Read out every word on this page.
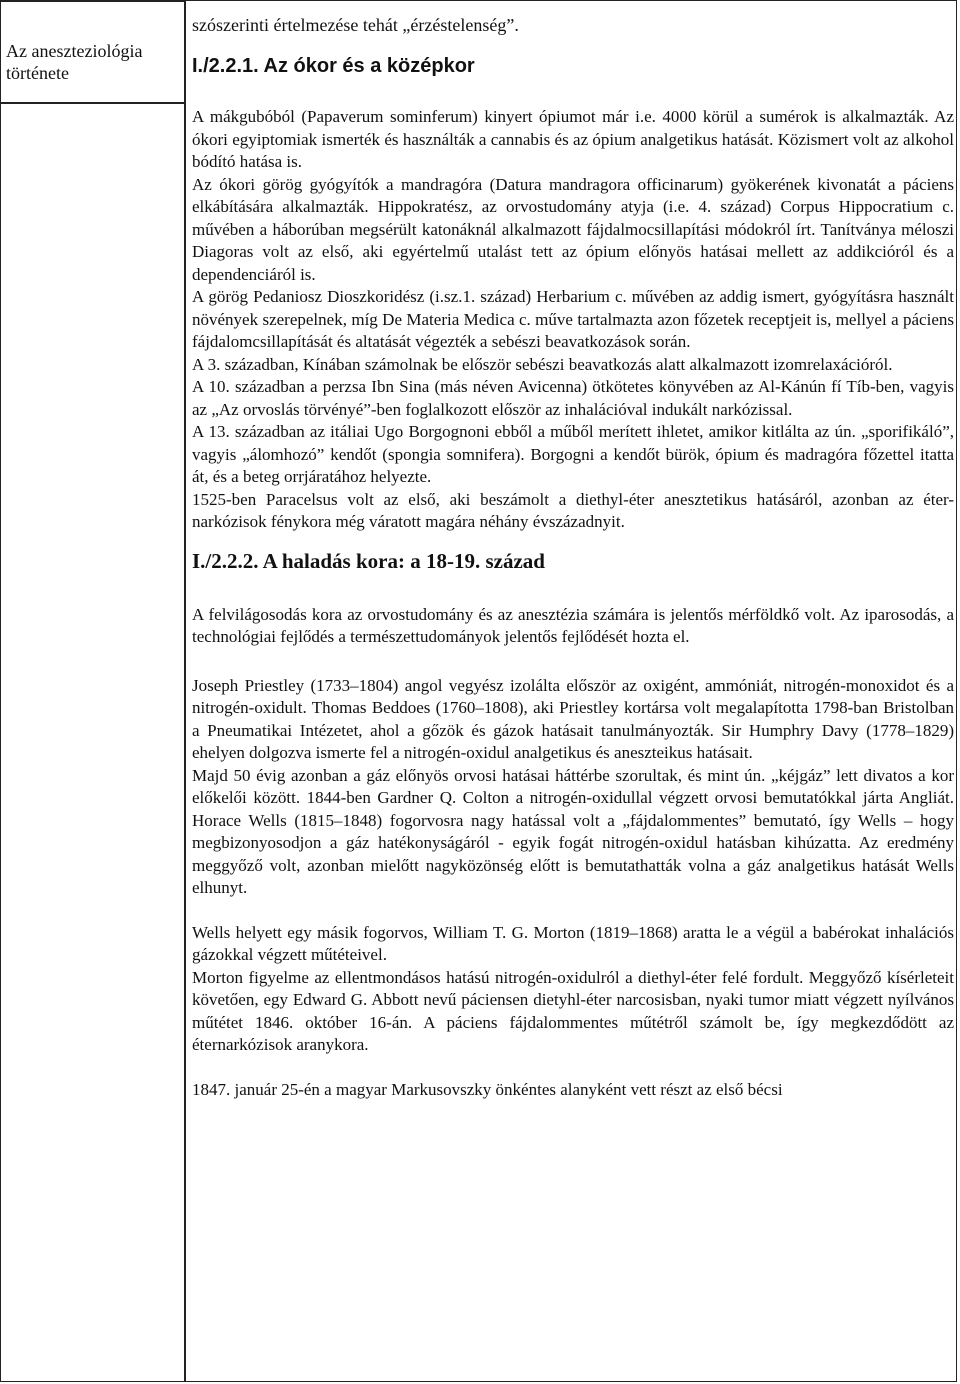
Az aneszteziológia története

szószerinti értelmezése tehát „érzéstelenség”.

I./2.2.1. Az ókor és a középkor

A mákgubóból (Papaverum sominferum) kinyert ópiumot már i.e. 4000 körül a sumérok is alkalmazták. Az ókori egyiptomiak ismerték és használták a cannabis és az ópium analgetikus hatását. Közismert volt az alkohol bódító hatása is.

Az ókori görög gyógyítók a mandragóra (Datura mandragora officinarum) gyökerének kivonatát a páciens elkábítására alkalmazták. Hippokratész, az orvostudomány atyja (i.e. 4. század) Corpus Hippocratium c. művében a háborúban megsérült katonáknál alkalmazott fájdalmocsillapítási módokról írt. Tanítványa méloszi Diagoras volt az első, aki egyértelmű utalást tett az ópium előnyös hatásai mellett az addikcióról és a dependenciáról is.

A görög Pedaniosz Dioszkoridész (i.sz.1. század) Herbarium c. művében az addig ismert, gyógyításra használt növények szerepelnek, míg De Materia Medica c. műve tartalmazta azon főzetek receptjeit is, mellyel a páciens fájdalomcsillapítását és altatását végezték a sebészi beavatkozások során.

A 3. században, Kínában számolnak be először sebészi beavatkozás alatt alkalmazott izomrelaxációról.

A 10. században a perzsa Ibn Sina (más néven Avicenna) ötkötetes könyvében az Al-Kánún fí Tíb-ben, vagyis az „Az orvoslás törvényé”-ben foglalkozott először az inhalációval indukált narkózissal.

A 13. században az itáliai Ugo Borgognoni ebből a műből merített ihletet, amikor kitlálta az ún. „sporifikáló”, vagyis „álomhozó” kendőt (spongia somnifera). Borgogni a kendőt bürök, ópium és madragóra főzettel itatta át, és a beteg orrjáratához helyezte.

1525-ben Paracelsus volt az első, aki beszámolt a diethyl-éter anesztetikus hatásáról, azonban az éter-narkózisok fénykora még váratott magára néhány évszázadnyit.

I./2.2.2. A haladás kora: a 18-19. század

A felvilágosodás kora az orvostudomány és az anesztézia számára is jelentős mérföldkő volt. Az iparosodás, a technológiai fejlődés a természettudományok jelentős fejlődését hozta el.

Joseph Priestley (1733–1804) angol vegyész izolálta először az oxigént, ammóniát, nitrogén-monoxidot és a nitrogén-oxidult. Thomas Beddoes (1760–1808), aki Priestley kortársa volt megalapította 1798-ban Bristolban a Pneumatikai Intézetet, ahol a gőzök és gázok hatásait tanulmányozták. Sir Humphry Davy (1778–1829) ehelyen dolgozva ismerte fel a nitrogén-oxidul analgetikus és aneszteikus hatásait.

Majd 50 évig azonban a gáz előnyös orvosi hatásai háttérbe szorultak, és mint ún. „kéjgáz” lett divatos a kor előkelői között. 1844-ben Gardner Q. Colton a nitrogén-oxidullal végzett orvosi bemutatókkal járta Angliát. Horace Wells (1815–1848) fogorvosra nagy hatással volt a „fájdalommentes” bemutató, így Wells – hogy megbizonyosodjon a gáz hatékonyságáról - egyik fogát nitrogén-oxidul hatásban kihúzatta. Az eredmény meggyőző volt, azonban mielőtt nagyközönség előtt is bemutathatták volna a gáz analgetikus hatását Wells elhunyt.

Wells helyett egy másik fogorvos, William T. G. Morton (1819–1868) aratta le a végül a babérokat inhalációs gázokkal végzett műtéteivel.

Morton figyelme az ellentmondásos hatású nitrogén-oxidulról a diethyl-éter felé fordult. Meggyőző kísérleteit követően, egy Edward G. Abbott nevű páciensen dietyhl-éter narcosisban, nyaki tumor miatt végzett nyílvános műtétet 1846. október 16-án. A páciens fájdalommentes műtétről számolt be, így megkezdődött az éternarkózisok aranykora.

1847. január 25-én a magyar Markusovszky önkéntes alanyként vett részt az első bécsi
